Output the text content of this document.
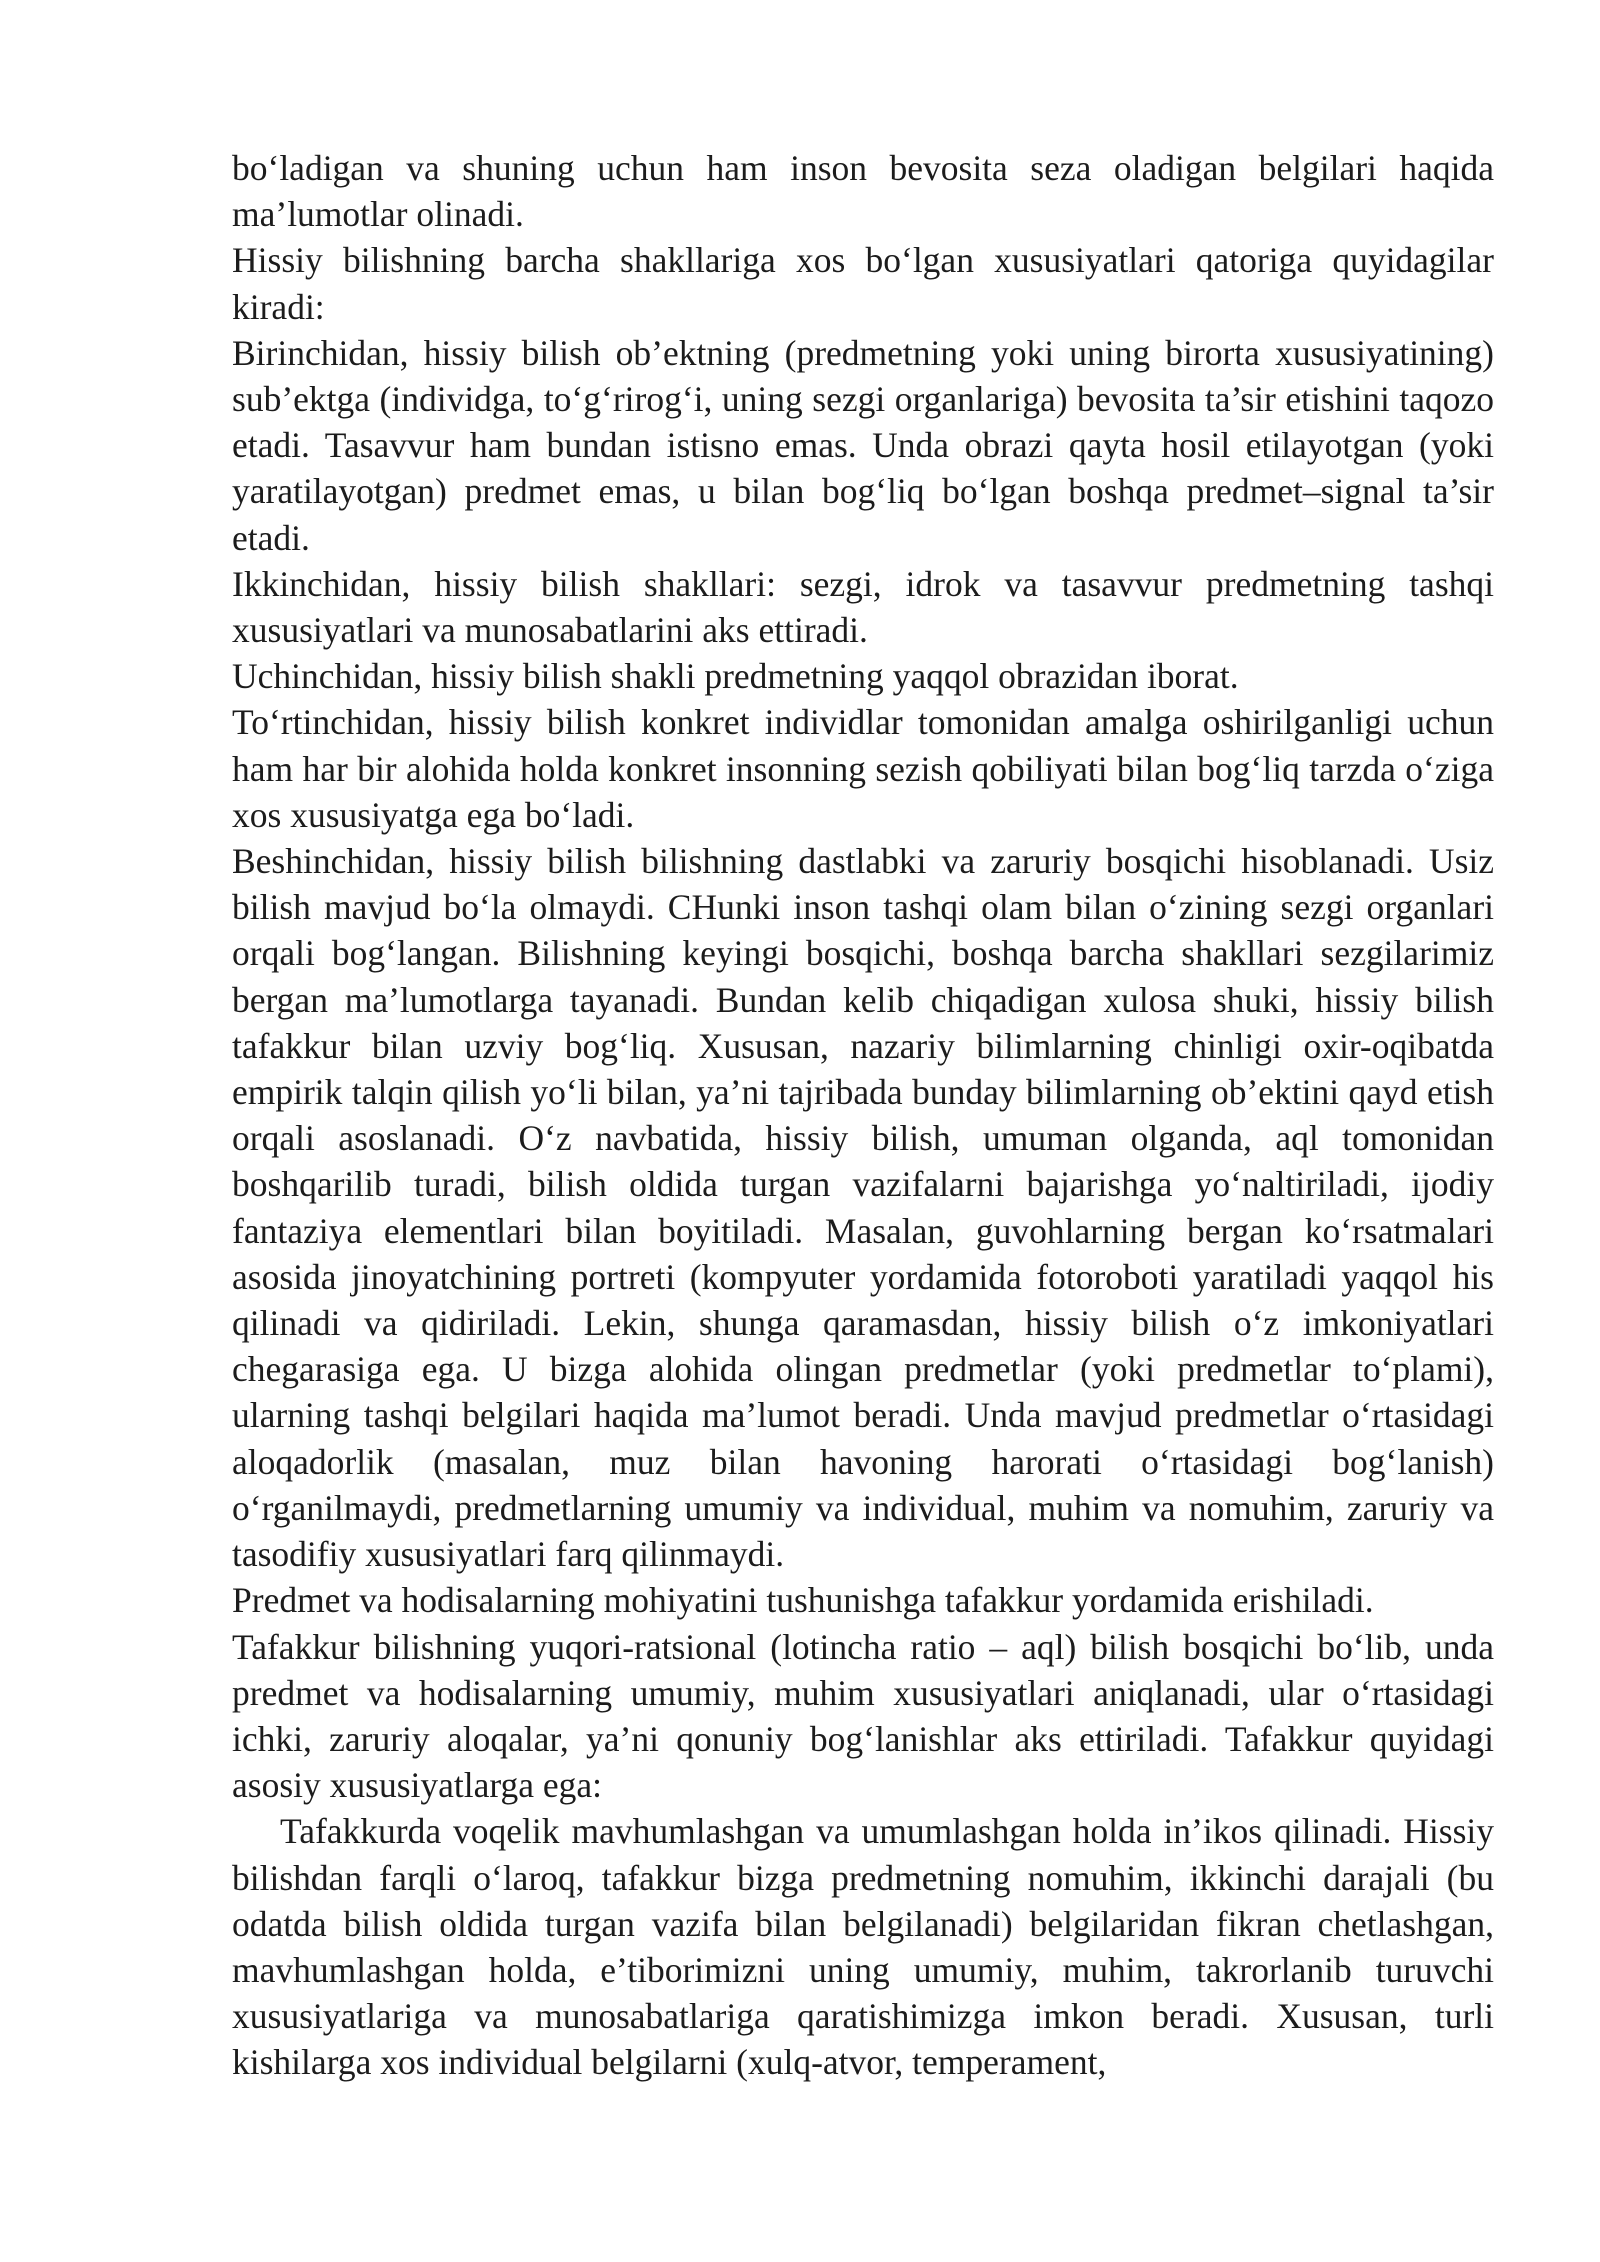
bo‘ladigan va shuning uchun ham inson bevosita seza oladigan belgilari haqida ma’lumotlar olinadi.

Hissiy bilishning barcha shakllariga xos bo‘lgan xususiyatlari qatoriga quyidagilar kiradi:

Birinchidan, hissiy bilish ob’ektning (predmetning yoki uning birorta xususiyatining) sub’ektga (individga, to‘g‘rirog‘i, uning sezgi organlariga) bevosita ta’sir etishini taqozo etadi. Tasavvur ham bundan istisno emas. Unda obrazi qayta hosil etilayotgan (yoki yaratilayotgan) predmet emas, u bilan bog‘liq bo‘lgan boshqa predmet–signal ta’sir etadi.

Ikkinchidan, hissiy bilish shakllari: sezgi, idrok va tasavvur predmetning tashqi xususiyatlari va munosabatlarini aks ettiradi.

Uchinchidan, hissiy bilish shakli predmetning yaqqol obrazidan iborat.

To‘rtinchidan, hissiy bilish konkret individlar tomonidan amalga oshirilganligi uchun ham har bir alohida holda konkret insonning sezish qobiliyati bilan bog‘liq tarzda o‘ziga xos xususiyatga ega bo‘ladi.

Beshinchidan, hissiy bilish bilishning dastlabki va zaruriy bosqichi hisoblanadi. Usiz bilish mavjud bo‘la olmaydi. CHunki inson tashqi olam bilan o‘zining sezgi organlari orqali bog‘langan. Bilishning keyingi bosqichi, boshqa barcha shakllari sezgilarimiz bergan ma’lumotlarga tayanadi. Bundan kelib chiqadigan xulosa shuki, hissiy bilish tafakkur bilan uzviy bog‘liq. Xususan, nazariy bilimlarning chinligi oxir-oqibatda empirik talqin qilish yo‘li bilan, ya’ni tajribada bunday bilimlarning ob’ektini qayd etish orqali asoslanadi. O‘z navbatida, hissiy bilish, umuman olganda, aql tomonidan boshqarilib turadi, bilish oldida turgan vazifalarni bajarishga yo‘naltiriladi, ijodiy fantaziya elementlari bilan boyitiladi. Masalan, guvohlarning bergan ko‘rsatmalari asosida jinoyatchining portreti (kompyuter yordamida fotoroboti yaratiladi yaqqol his qilinadi va qidiriladi. Lekin, shunga qaramasdan, hissiy bilish o‘z imkoniyatlari chegarasiga ega. U bizga alohida olingan predmetlar (yoki predmetlar to‘plami), ularning tashqi belgilari haqida ma’lumot beradi. Unda mavjud predmetlar o‘rtasidagi aloqadorlik (masalan, muz bilan havoning harorati o‘rtasidagi bog‘lanish) o‘rganilmaydi, predmetlarning umumiy va individual, muhim va nomuhim, zaruriy va tasodifiy xususiyatlari farq qilinmaydi.

Predmet va hodisalarning mohiyatini tushunishga tafakkur yordamida erishiladi.

Tafakkur bilishning yuqori-ratsional (lotincha ratio – aql) bilish bosqichi bo‘lib, unda predmet va hodisalarning umumiy, muhim xususiyatlari aniqlanadi, ular o‘rtasidagi ichki, zaruriy aloqalar, ya’ni qonuniy bog‘lanishlar aks ettiriladi. Tafakkur quyidagi asosiy xususiyatlarga ega:

Tafakkurda voqelik mavhumlashgan va umumlashgan holda in’ikos qilinadi. Hissiy bilishdan farqli o‘laroq, tafakkur bizga predmetning nomuhim, ikkinchi darajali (bu odatda bilish oldida turgan vazifa bilan belgilanadi) belgilaridan fikran chetlashgan, mavhumlashgan holda, e’tiborimizni uning umumiy, muhim, takrorlanib turuvchi xususiyatlariga va munosabatlariga qaratishimizga imkon beradi. Xususan, turli kishilarga xos individual belgilarni (xulq-atvor, temperament,
